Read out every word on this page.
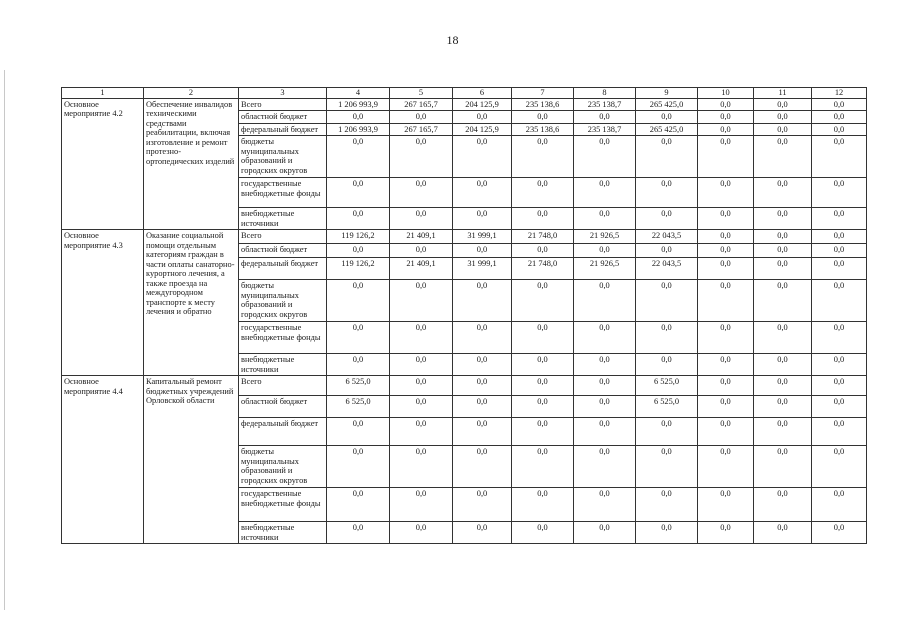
18
1	2	3	4	5	6	7	8	9	10	11	12
Основное мероприятие 4.2	Обеспечение инвалидов техническими средствами реабилитации, включая изготовление и ремонт протезно-ортопедических изделий	Всего	1 206 993,9	267 165,7	204 125,9	235 138,6	235 138,7	265 425,0	0,0	0,0	0,0
		областной бюджет	0,0	0,0	0,0	0,0	0,0	0,0	0,0	0,0	0,0
		федеральный бюджет	1 206 993,9	267 165,7	204 125,9	235 138,6	235 138,7	265 425,0	0,0	0,0	0,0
		бюджеты муниципальных образований и городских округов	0,0	0,0	0,0	0,0	0,0	0,0	0,0	0,0	0,0
		государственные внебюджетные фонды	0,0	0,0	0,0	0,0	0,0	0,0	0,0	0,0	0,0
		внебюджетные источники	0,0	0,0	0,0	0,0	0,0	0,0	0,0	0,0	0,0
Основное мероприятие 4.3	Оказание социальной помощи отдельным категориям граждан в части оплаты санаторно-курортного лечения, а также проезда на междугородном транспорте к месту лечения и обратно	Всего	119 126,2	21 409,1	31 999,1	21 748,0	21 926,5	22 043,5	0,0	0,0	0,0
		областной бюджет	0,0	0,0	0,0	0,0	0,0	0,0	0,0	0,0	0,0
		федеральный бюджет	119 126,2	21 409,1	31 999,1	21 748,0	21 926,5	22 043,5	0,0	0,0	0,0
		бюджеты муниципальных образований и городских округов	0,0	0,0	0,0	0,0	0,0	0,0	0,0	0,0	0,0
		государственные внебюджетные фонды	0,0	0,0	0,0	0,0	0,0	0,0	0,0	0,0	0,0
		внебюджетные источники	0,0	0,0	0,0	0,0	0,0	0,0	0,0	0,0	0,0
Основное мероприятие 4.4	Капитальный ремонт бюджетных учреждений Орловской области	Всего	6 525,0	0,0	0,0	0,0	0,0	6 525,0	0,0	0,0	0,0
		областной бюджет	6 525,0	0,0	0,0	0,0	0,0	6 525,0	0,0	0,0	0,0
		федеральный бюджет	0,0	0,0	0,0	0,0	0,0	0,0	0,0	0,0	0,0
		бюджеты муниципальных образований и городских округов	0,0	0,0	0,0	0,0	0,0	0,0	0,0	0,0	0,0
		государственные внебюджетные фонды	0,0	0,0	0,0	0,0	0,0	0,0	0,0	0,0	0,0
		внебюджетные источники	0,0	0,0	0,0	0,0	0,0	0,0	0,0	0,0	0,0
